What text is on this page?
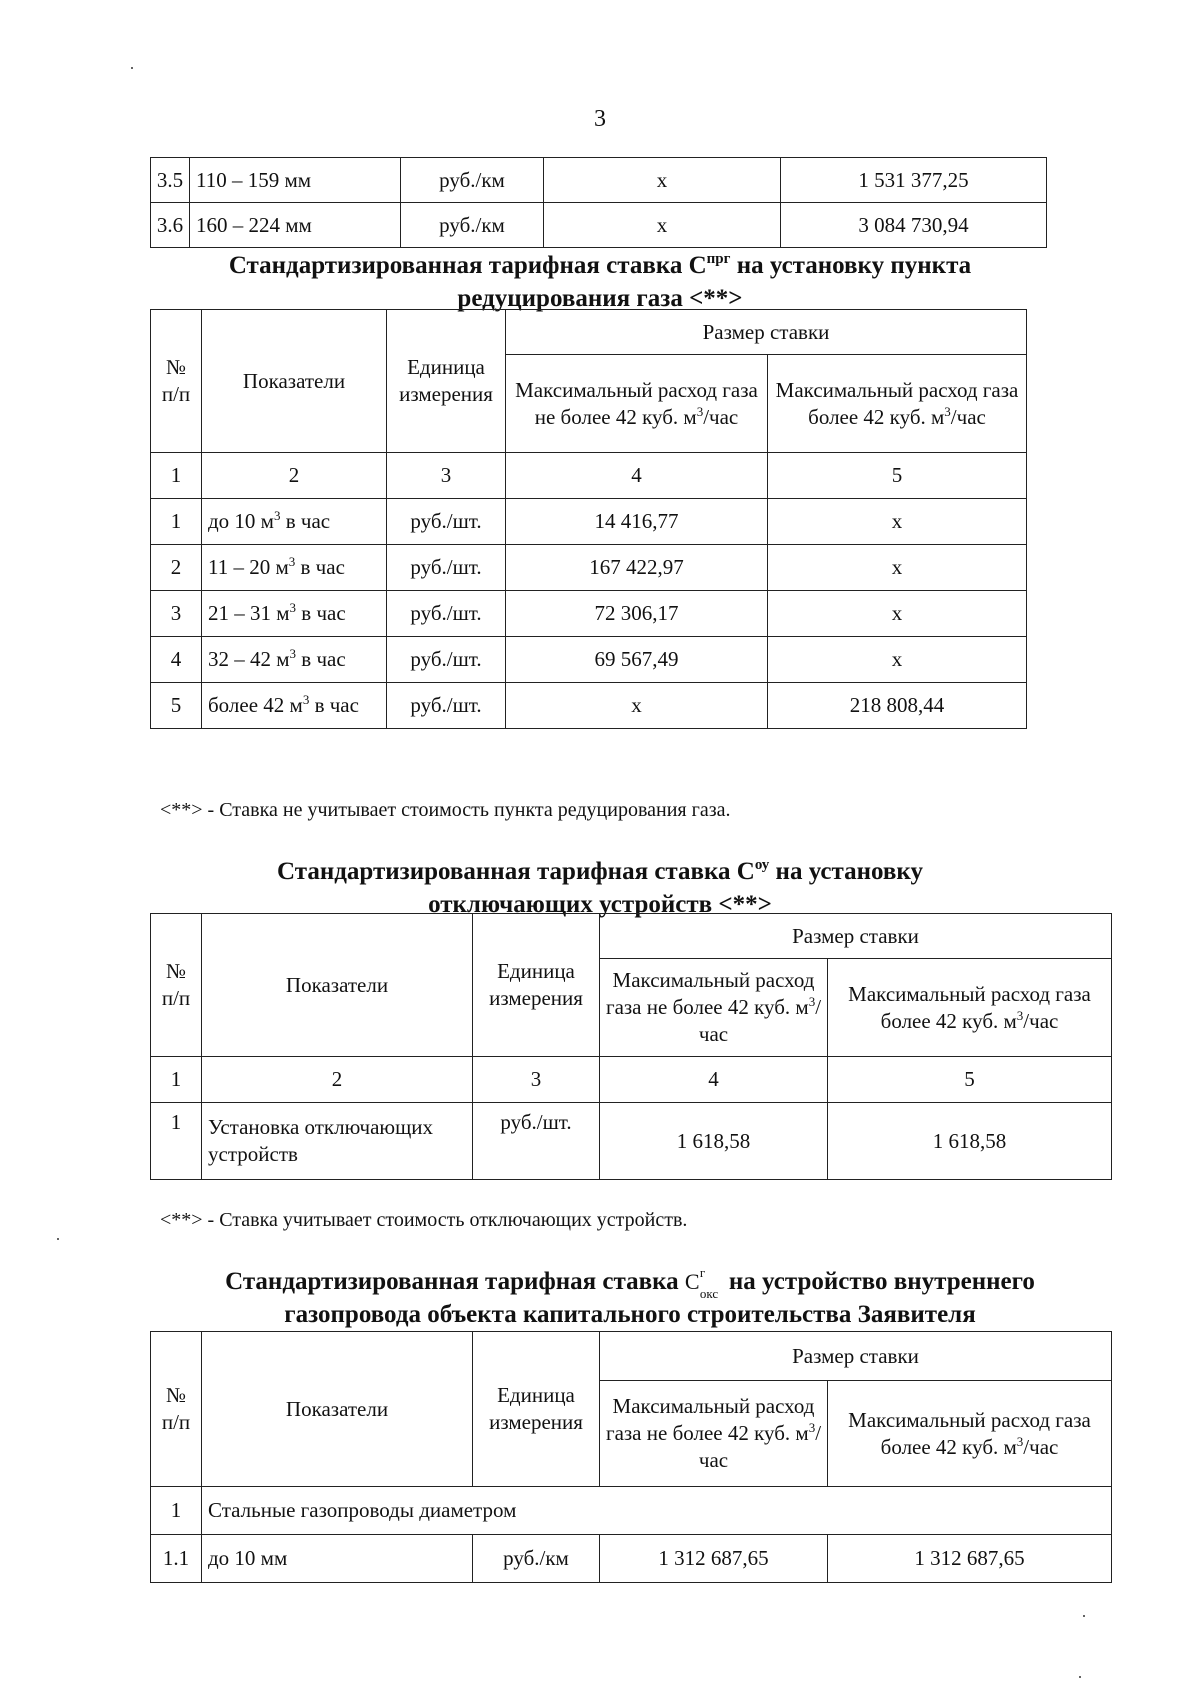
3
3.5	110 – 159 мм	руб./км	х	1 531 377,25
3.6	160 – 224 мм	руб./км	х	3 084 730,94
Стандартизированная тарифная ставка $С^{прг}$ на установку пункта
редуцирования газа <**>
№ п/п	Показатели	Единица измерения	Размер ставки	
			Максимальный расход газа не более 42 куб. $м^3$/час	Максимальный расход газа более 42 куб. $м^3$/час
1	2	3	4	5
1	до 10 $м^3$ в час	руб./шт.	14 416,77	х
2	11 – 20 $м^3$ в час	руб./шт.	167 422,97	х
3	21 – 31 $м^3$ в час	руб./шт.	72 306,17	х
4	32 – 42 $м^3$ в час	руб./шт.	69 567,49	х
5	более 42 $м^3$ в час	руб./шт.	х	218 808,44
<**> - Ставка не учитывает стоимость пункта редуцирования газа.
Стандартизированная тарифная ставка $С^{оу}$ на установку
отключающих устройств <**>
№ п/п	Показатели	Единица измерения	Размер ставки	
			Максимальный расход газа не более 42 куб. $м^3$/час	Максимальный расход газа более 42 куб. $м^3$/час
1	2	3	4	5
1	Установка отключающих устройств	руб./шт.	1 618,58	1 618,58
<**> - Ставка учитывает стоимость отключающих устройств.
Стандартизированная тарифная ставка С г
окс на устройство внутреннего
газопровода объекта капитального строительства Заявителя
№ п/п	Показатели	Единица измерения	Размер ставки	
			Максимальный расход газа не более 42 куб. $м^3$/час	Максимальный расход газа более 42 куб. $м^3$/час
1	Стальные газопроводы диаметром			
1.1	до 10 мм	руб./км	1 312 687,65	1 312 687,65
